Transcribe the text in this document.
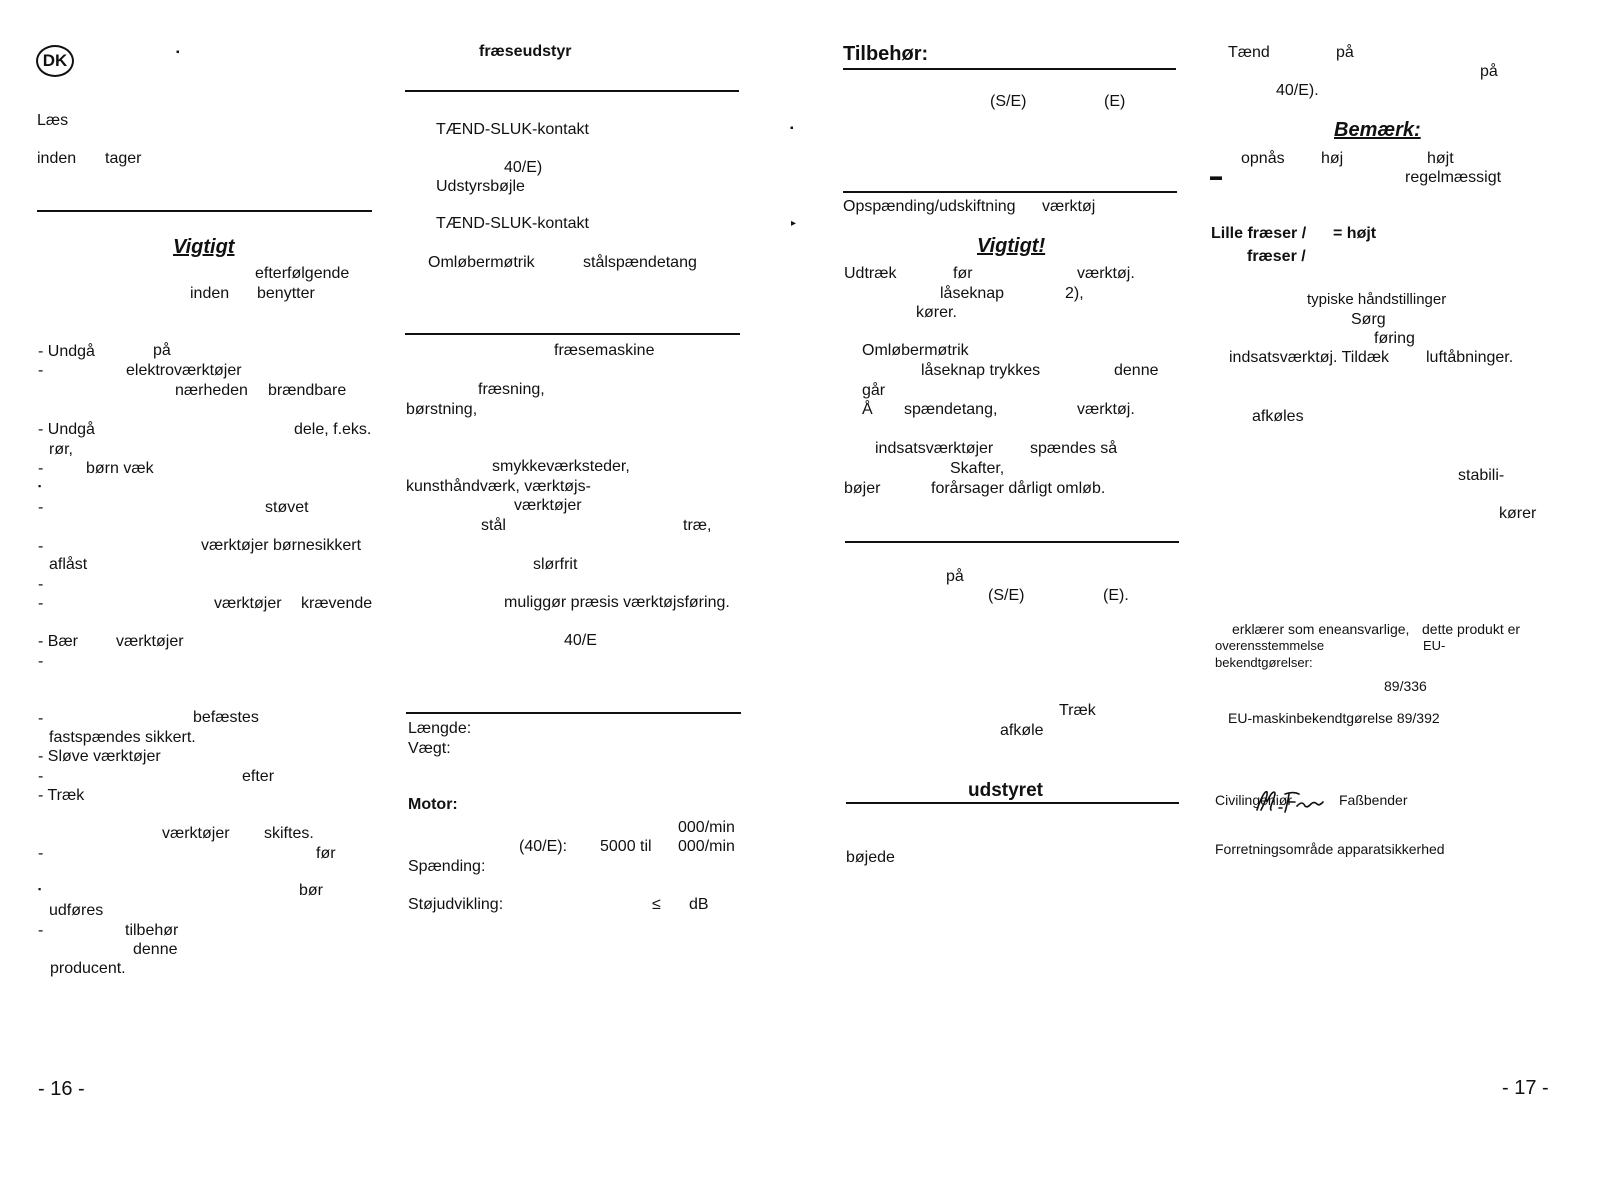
DK	▪
Læs
inden tager
Vigtigt
efterfølgende
inden benytter
- Undgå	på
-	elektroværktøjer
nærheden brændbare
- Undgå	dele, f.eks.
rør,
-	børn væk
▪
-	støvet
-	værktøjer børnesikkert
aflåst
-
-	værktøjer krævende
- Bær værktøjer
-
-	befæstes
fastspændes sikkert.
- Sløve værktøjer
-	efter
- Træk
værktøjer skiftes.
-	før
▪	bør
udføres
-	tilbehør
denne
producent.
- 16 -
fræseudstyr
TÆND-SLUK-kontakt
40/E)
Udstyrsbøjle
TÆND-SLUK-kontakt
Omløbermøtrik	stålspændetang
fræsemaskine
fræsning,
børstning,
smykkeværksteder,
kunsthåndværk, værktøjs-
værktøjer
stål	træ,
slørfrit
muliggør præsis værktøjsføring.
40/E
Længde:
Vægt:
Motor:
000/min
(40/E): 5000 til 000/min
Spænding:
Støjudvikling:	≤ dB
▪
▸
Tilbehør:
(S/E)	(E)
Opspænding/udskiftning værktøj
Vigtigt!
Udtræk	før	værktøj.
låseknap	2),
kører.
Omløbermøtrik
låseknap trykkes	denne
går
Å spændetang,	værktøj.
indsatsværktøjer spændes så
Skafter,
bøjer	forårsager dårligt omløb.
på
(S/E)	(E).
Træk
afkøle
udstyret
bøjede
Tænd	på
på
40/E).
Bemærk:
opnås høj	højt
▬	regelmæssigt
Lille fræser / = højt
fræser /
typiske håndstillinger
Sørg
føring
indsatsværktøj. Tildæk luftåbninger.
afkøles
stabili-
kører
erklærer som eneansvarlige, dette produkt er
overensstemmelse	EU-
bekendtgørelser:
89/336
EU-maskinbekendtgørelse 89/392
Civilingeniør	Faßbender
Forretningsområde apparatsikkerhed
- 17 -
